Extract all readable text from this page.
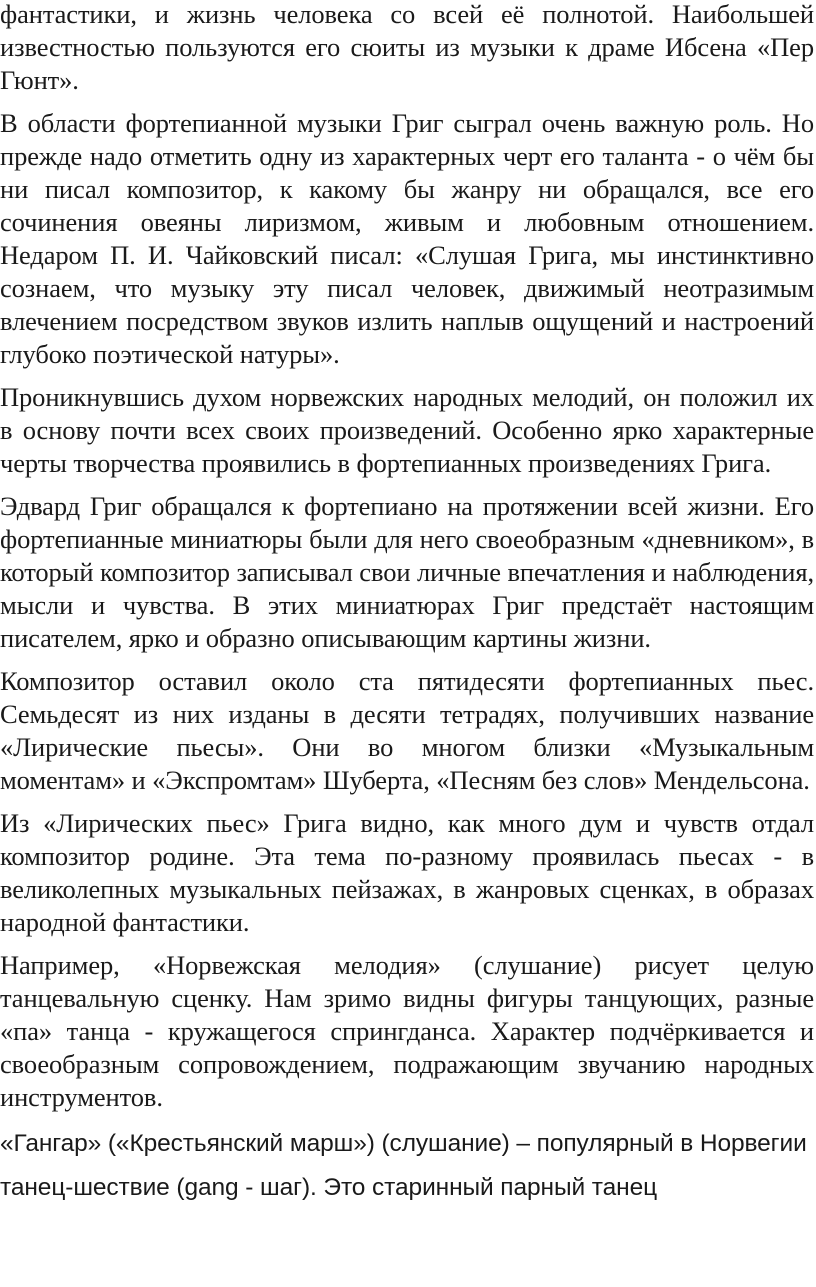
фантастики, и жизнь человека со всей её полнотой. Наибольшей известностью пользуются его сюиты из музыки к драме Ибсена «Пер Гюнт».

В области фортепианной музыки Григ сыграл очень важную роль. Но прежде надо отметить одну из характерных черт его таланта - о чём бы ни писал композитор, к какому бы жанру ни обращался, все его сочинения овеяны лиризмом, живым и любовным отношением. Недаром П. И. Чайковский писал: «Слушая Грига, мы инстинктивно сознаем, что музыку эту писал человек, движимый неотразимым влечением посредством звуков излить наплыв ощущений и настроений глубоко поэтической натуры».

Проникнувшись духом норвежских народных мелодий, он положил их в основу почти всех своих произведений. Особенно ярко характерные черты творчества проявились в фортепианных произведениях Грига.

Эдвард Григ обращался к фортепиано на протяжении всей жизни. Его фортепианные миниатюры были для него своеобразным «дневником», в который композитор записывал свои личные впечатления и наблюдения, мысли и чувства. В этих миниатюрах Григ предстаёт настоящим писателем, ярко и образно описывающим картины жизни.

Композитор оставил около ста пятидесяти фортепианных пьес. Семьдесят из них изданы в десяти тетрадях, получивших название «Лирические пьесы». Они во многом близки «Музыкальным моментам» и «Экспромтам» Шуберта, «Песням без слов» Мендельсона.

Из «Лирических пьес» Грига видно, как много дум и чувств отдал композитор родине. Эта тема по-разному проявилась пьесах - в великолепных музыкальных пейзажах, в жанровых сценках, в образах народной фантастики.

Например, «Норвежская мелодия» (слушание) рисует целую танцевальную сценку. Нам зримо видны фигуры танцующих, разные «па» танца - кружащегося спрингданса. Характер подчёркивается и своеобразным сопровождением, подражающим звучанию народных инструментов.

«Гангар» («Крестьянский марш») (слушание) – популярный в Норвегии танец-шествие (gang - шаг). Это старинный парный танец
